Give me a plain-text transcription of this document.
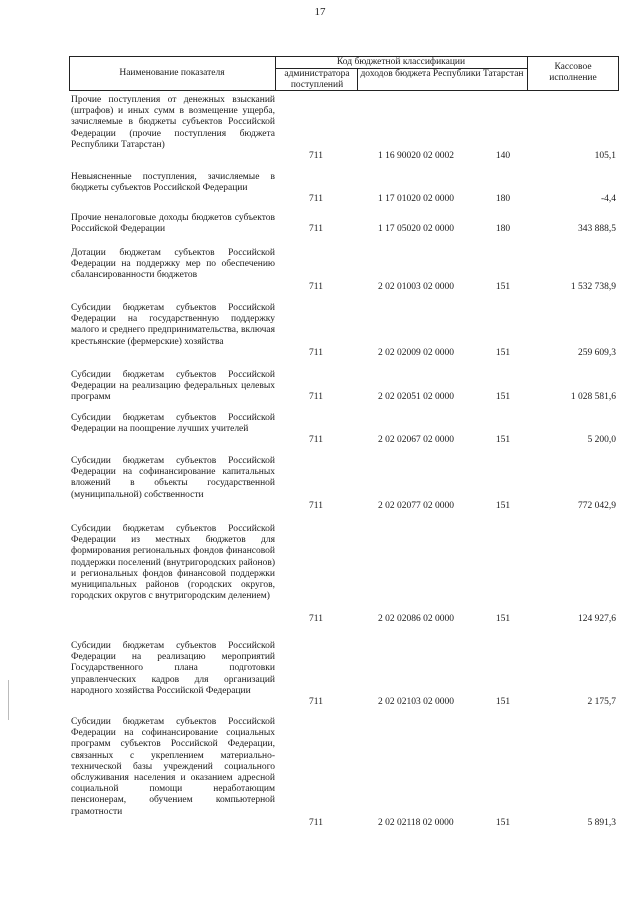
17
Наименование показателя
Код бюджетной классификации
администратора поступлений
доходов бюджета Республики Татарстан
Кассовое исполнение
Прочие поступления от денежных взысканий (штрафов) и иных сумм в возмещение ущерба, зачисляемые в бюджеты субъектов Российской Федерации (прочие поступления бюджета Республики Татарстан)
711	1 16 90020 02 0002	140	105,1
Невыясненные поступления, зачисляемые в бюджеты субъектов Российской Федерации
711	1 17 01020 02 0000	180	-4,4
Прочие неналоговые доходы бюджетов субъектов Российской Федерации	711	1 17 05020 02 0000	180	343 888,5
Дотации бюджетам субъектов Российской Федерации на поддержку мер по обеспечению сбалансированности бюджетов
711	2 02 01003 02 0000	151	1 532 738,9
Субсидии бюджетам субъектов Российской Федерации на государственную поддержку малого и среднего предпринимательства, включая крестьянские (фермерские) хозяйства
711	2 02 02009 02 0000	151	259 609,3
Субсидии бюджетам субъектов Российской Федерации на реализацию федеральных целевых программ	711	2 02 02051 02 0000	151	1 028 581,6
Субсидии бюджетам субъектов Российской Федерации на поощрение лучших учителей
711	2 02 02067 02 0000	151	5 200,0
Субсидии бюджетам субъектов Российской Федерации на софинансирование капитальных вложений в объекты государственной (муниципальной) собственности
711	2 02 02077 02 0000	151	772 042,9
Субсидии бюджетам субъектов Российской Федерации из местных бюджетов для формирования региональных фондов финансовой поддержки поселений (внутригородских районов) и региональных фондов финансовой поддержки муниципальных районов (городских округов, городских округов с внутригородским делением)
711	2 02 02086 02 0000	151	124 927,6
Субсидии бюджетам субъектов Российской Федерации на реализацию мероприятий Государственного плана подготовки управленческих кадров для организаций народного хозяйства Российской Федерации
711	2 02 02103 02 0000	151	2 175,7
Субсидии бюджетам субъектов Российской Федерации на софинансирование социальных программ субъектов Российской Федерации, связанных с укреплением материально-технической базы учреждений социального обслуживания населения и оказанием адресной социальной помощи неработающим пенсионерам, обучением компьютерной грамотности
711	2 02 02118 02 0000	151	5 891,3
